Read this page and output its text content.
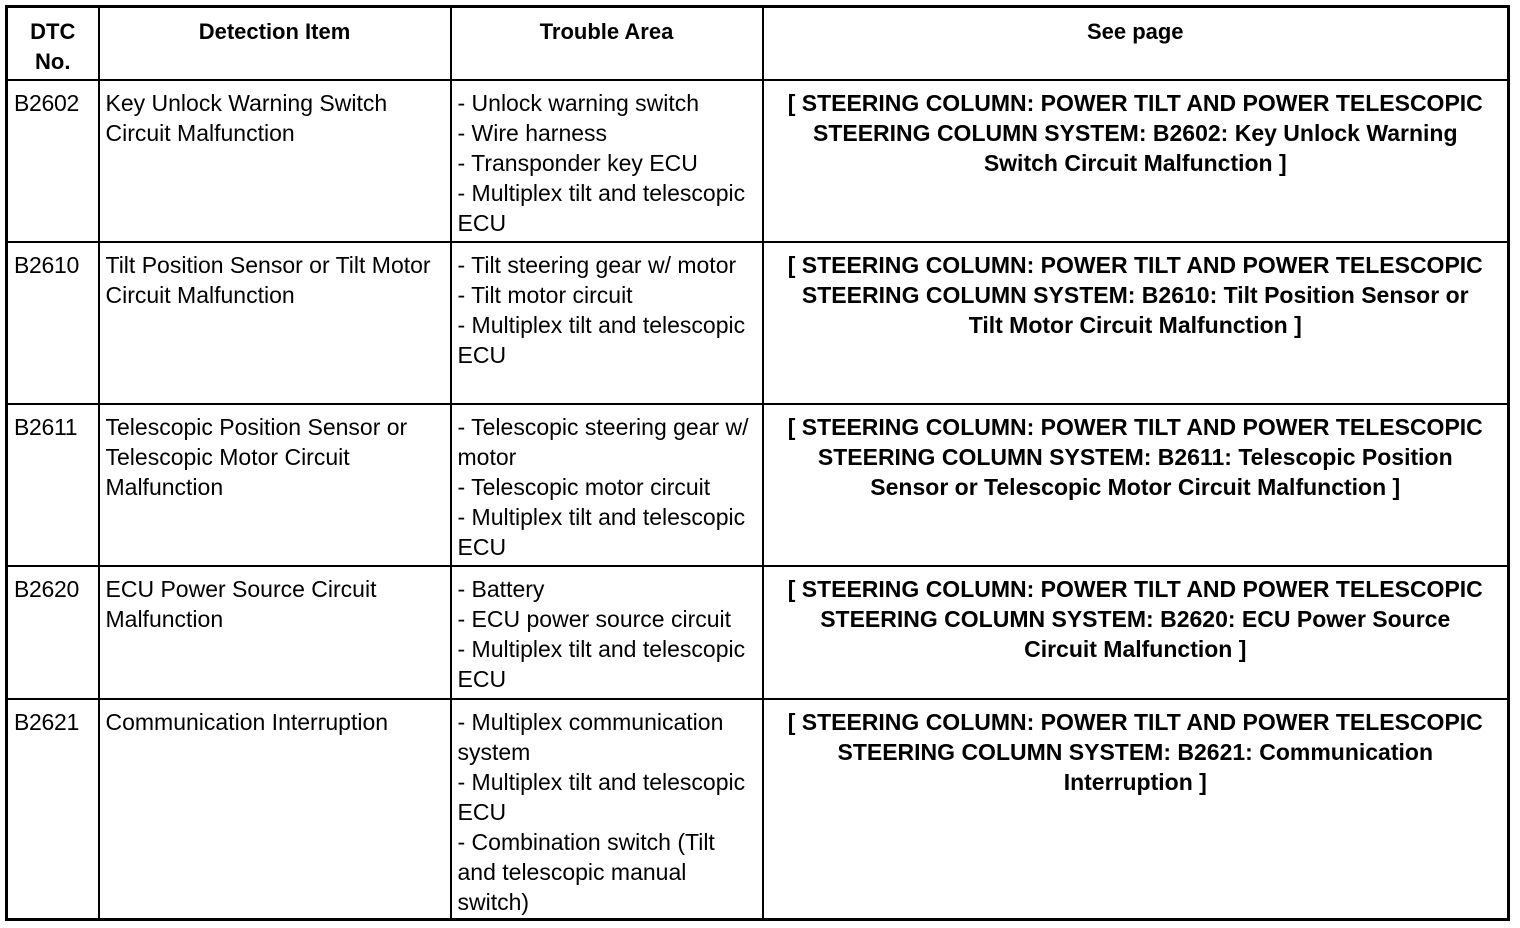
DTC No.	Detection Item	Trouble Area	See page
B2602	Key Unlock Warning Switch Circuit Malfunction	- Unlock warning switch
- Wire harness
- Transponder key ECU
- Multiplex tilt and telescopic ECU	[ STEERING COLUMN: POWER TILT AND POWER TELESCOPIC STEERING COLUMN SYSTEM: B2602: Key Unlock Warning Switch Circuit Malfunction ]
B2610	Tilt Position Sensor or Tilt Motor Circuit Malfunction	- Tilt steering gear w/ motor
- Tilt motor circuit
- Multiplex tilt and telescopic ECU	[ STEERING COLUMN: POWER TILT AND POWER TELESCOPIC STEERING COLUMN SYSTEM: B2610: Tilt Position Sensor or Tilt Motor Circuit Malfunction ]
B2611	Telescopic Position Sensor or Telescopic Motor Circuit Malfunction	- Telescopic steering gear w/ motor
- Telescopic motor circuit
- Multiplex tilt and telescopic ECU	[ STEERING COLUMN: POWER TILT AND POWER TELESCOPIC STEERING COLUMN SYSTEM: B2611: Telescopic Position Sensor or Telescopic Motor Circuit Malfunction ]
B2620	ECU Power Source Circuit Malfunction	- Battery
- ECU power source circuit
- Multiplex tilt and telescopic ECU	[ STEERING COLUMN: POWER TILT AND POWER TELESCOPIC STEERING COLUMN SYSTEM: B2620: ECU Power Source Circuit Malfunction ]
B2621	Communication Interruption	- Multiplex communication system
- Multiplex tilt and telescopic ECU
- Combination switch (Tilt and telescopic manual switch)	[ STEERING COLUMN: POWER TILT AND POWER TELESCOPIC STEERING COLUMN SYSTEM: B2621: Communication Interruption ]
